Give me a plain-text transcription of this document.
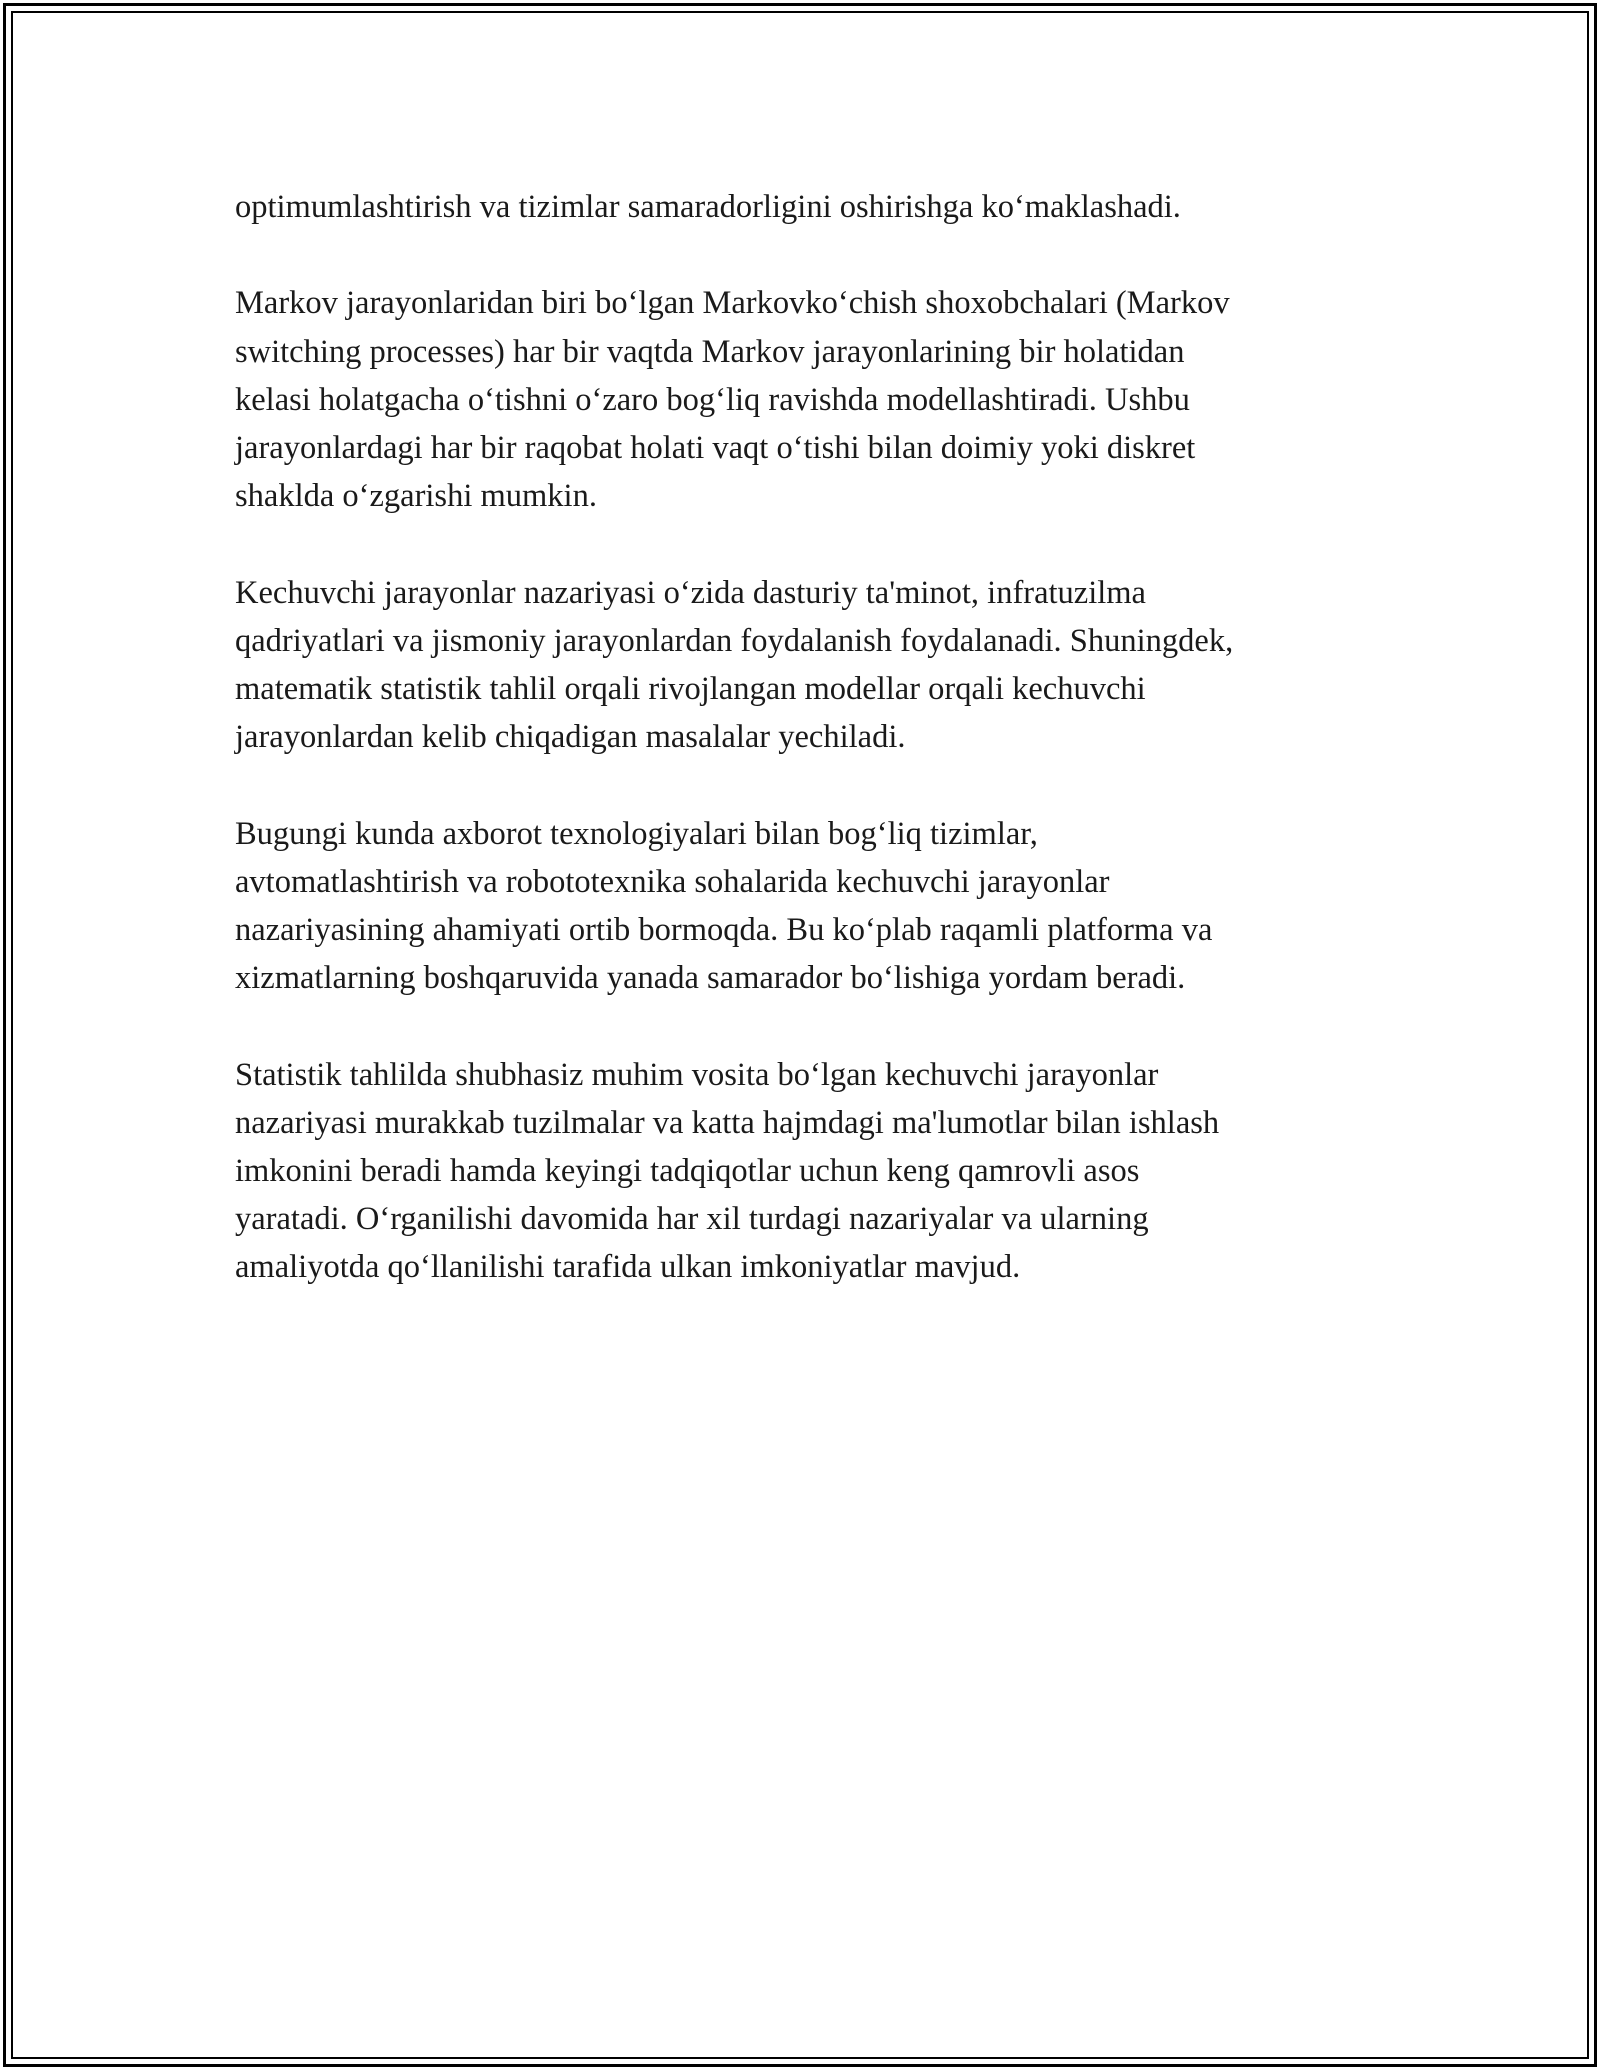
optimumlashtirish va tizimlar samaradorligini oshirishga ko‘maklashadi.

Markov jarayonlaridan biri bo‘lgan Markovko‘chish shoxobchalari (Markov
switching processes) har bir vaqtda Markov jarayonlarining bir holatidan
kelasi holatgacha o‘tishni o‘zaro bog‘liq ravishda modellashtiradi. Ushbu
jarayonlardagi har bir raqobat holati vaqt o‘tishi bilan doimiy yoki diskret
shaklda o‘zgarishi mumkin.

Kechuvchi jarayonlar nazariyasi o‘zida dasturiy ta'minot, infratuzilma
qadriyatlari va jismoniy jarayonlardan foydalanish foydalanadi. Shuningdek,
matematik statistik tahlil orqali rivojlangan modellar orqali kechuvchi
jarayonlardan kelib chiqadigan masalalar yechiladi.

Bugungi kunda axborot texnologiyalari bilan bog‘liq tizimlar,
avtomatlashtirish va robototexnika sohalarida kechuvchi jarayonlar
nazariyasining ahamiyati ortib bormoqda. Bu ko‘plab raqamli platforma va
xizmatlarning boshqaruvida yanada samarador bo‘lishiga yordam beradi.

Statistik tahlilda shubhasiz muhim vosita bo‘lgan kechuvchi jarayonlar
nazariyasi murakkab tuzilmalar va katta hajmdagi ma'lumotlar bilan ishlash
imkonini beradi hamda keyingi tadqiqotlar uchun keng qamrovli asos
yaratadi. O‘rganilishi davomida har xil turdagi nazariyalar va ularning
amaliyotda qo‘llanilishi tarafida ulkan imkoniyatlar mavjud.
